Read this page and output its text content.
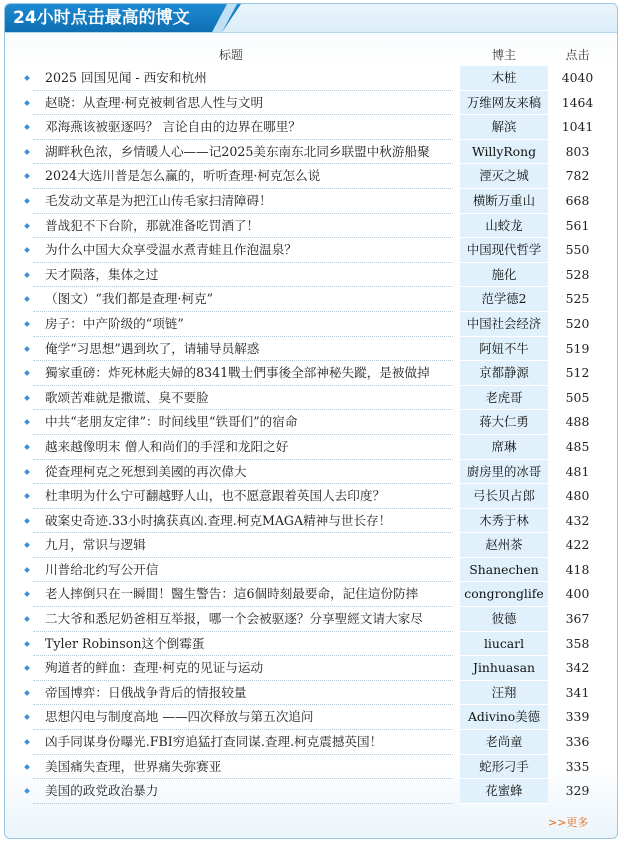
24小时点击最高的博文
标题	博主	点击
2025 回国见闻 - 西安和杭州	木桩	4040
赵晓：从查理·柯克被刺省思人性与文明	万维网友来稿	1464
邓海燕该被驱逐吗？ 言论自由的边界在哪里？	解滨	1041
湖畔秋色浓，乡情暖人心——记2025美东南东北同乡联盟中秋游船聚	WillyRong	803
2024大选川普是怎么赢的，听听查理·柯克怎么说	湮灭之城	782
毛发动文革是为把江山传毛家扫清障碍！	横断万重山	668
普战犯不下台阶，那就准备吃罚酒了！	山蛟龙	561
为什么中国大众享受温水煮青蛙且作泡温泉？	中国现代哲学	550
天才陨落，集体之过	施化	528
（图文）“我们都是查理·柯克”	范学德2	525
房子：中产阶级的“项链”	中国社会经济	520
俺学“习思想”遇到坎了，请辅导员解惑	阿妞不牛	519
獨家重磅：炸死林彪夫婦的8341戰士們事後全部神秘失蹤，是被做掉	京都静源	512
歌颂苦难就是撒谎、臭不要脸	老虎哥	505
中共“老朋友定律”：时间线里“铁哥们”的宿命	蒋大仁勇	488
越来越像明末 僧人和尚们的手淫和龙阳之好	席琳	485
從查理柯克之死想到美國的再次偉大	廚房里的冰哥	481
杜聿明为什么宁可翻越野人山，也不愿意跟着英国人去印度？	弓长贝占郎	480
破案史奇迹.33小时擒获真凶.查理.柯克MAGA精神与世长存！	木秀于林	432
九月，常识与逻辑	赵州茶	422
川普给北约写公开信	Shanechen	418
老人摔倒只在一瞬間！醫生警告：這6個時刻最要命，記住這份防摔	congronglife	400
二大爷和悉尼奶爸相互举报，哪一个会被驱逐？分享聖經文请大家尽	彼德	367
Tyler Robinson这个倒霉蛋	liucarl	358
殉道者的鲜血：查理·柯克的见证与运动	Jinhuasan	342
帝国博弈：日俄战争背后的情报较量	汪翔	341
思想闪电与制度高地 ——四次释放与第五次追问	Adivino美德	339
凶手同谋身份曝光.FBI穷追猛打查同谋.查理.柯克震撼英国！	老尚童	336
美国痛失查理，世界痛失弥赛亚	蛇形刁手	335
美国的政党政治暴力	花蜜蜂	329
>>更多
